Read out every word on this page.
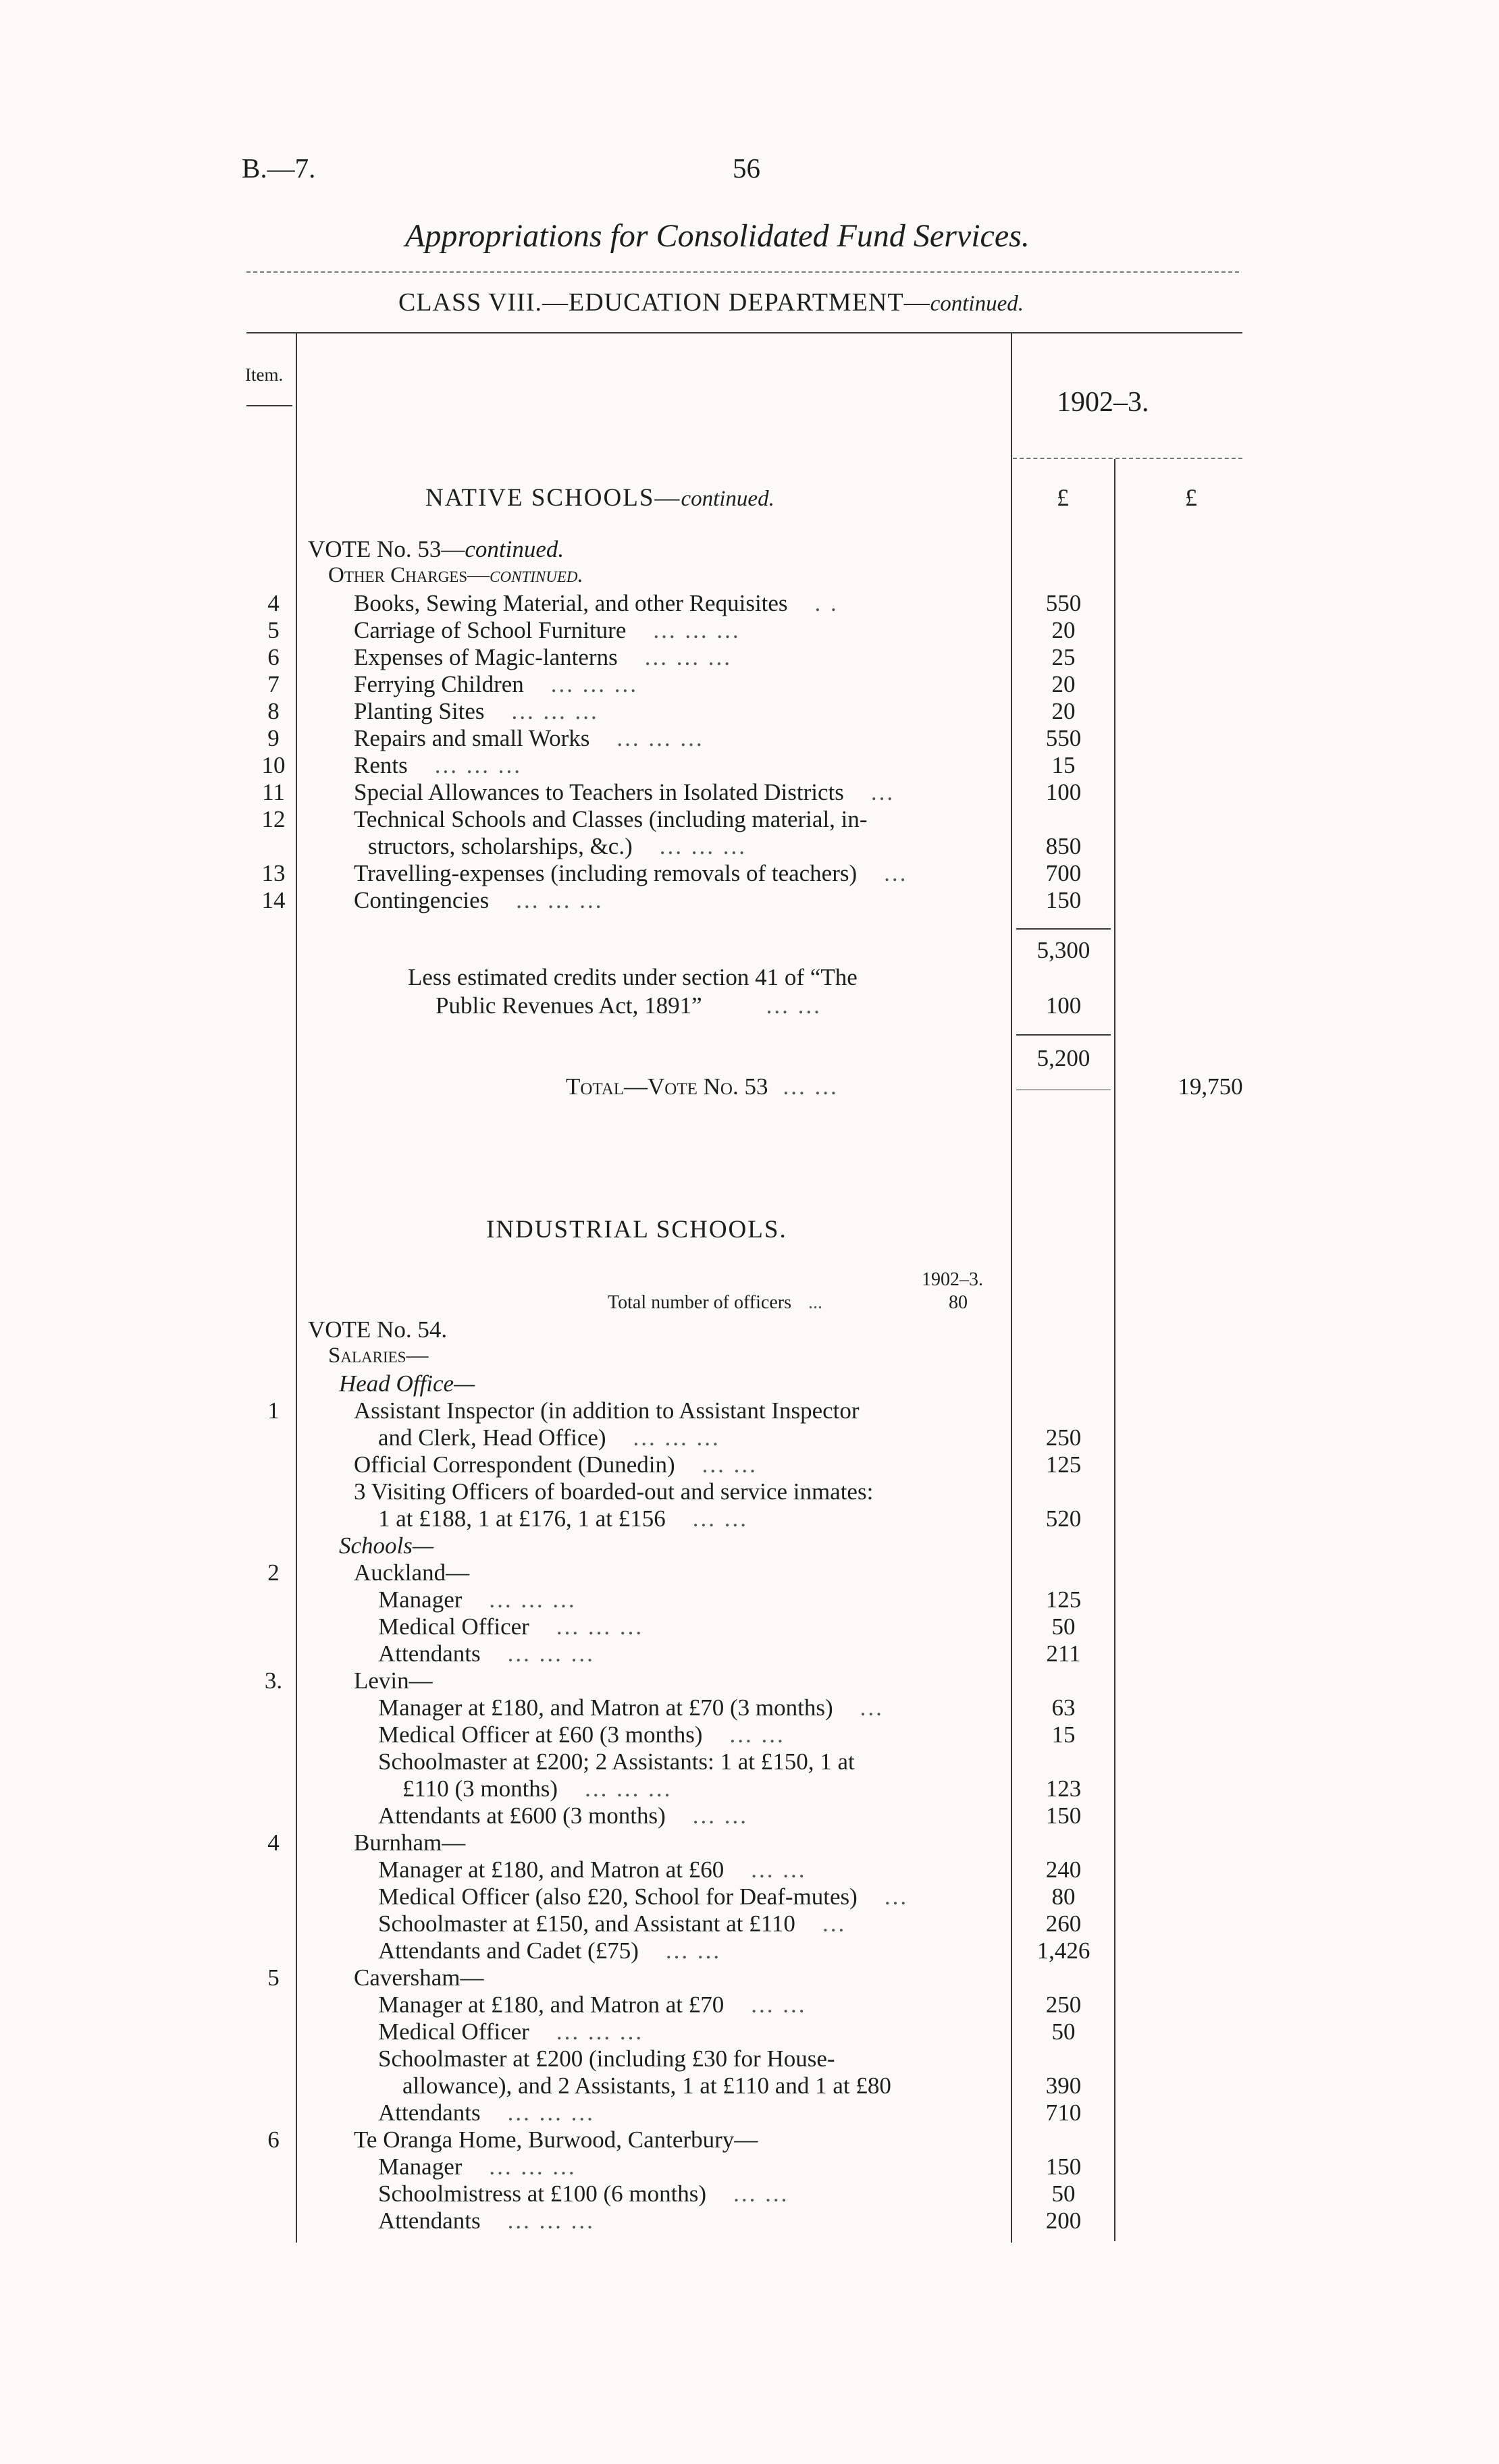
B.—7.	56
Appropriations for Consolidated Fund Services.
CLASS VIII.—EDUCATION DEPARTMENT—continued.
Item.
1902–3.
NATIVE SCHOOLS—continued.	£	£
VOTE No. 53—continued.
Other Charges—continued.
4	Books, Sewing Material, and other Requisites . .	550
5	Carriage of School Furniture ... ... ...	20
6	Expenses of Magic-lanterns ... ... ...	25
7	Ferrying Children ... ... ...	20
8	Planting Sites ... ... ...	20
9	Repairs and small Works ... ... ...	550
10	Rents ... ... ...	15
11	Special Allowances to Teachers in Isolated Districts ...	100
12	Technical Schools and Classes (including material, in-
structors, scholarships, &c.) ... ... ...	850
13	Travelling-expenses (including removals of teachers) ...	700
14	Contingencies ... ... ...	150
5,300
Less estimated credits under section 41 of “The
Public Revenues Act, 1891”	... ...	100
5,200
Total—Vote No. 53 ... ...	19,750
INDUSTRIAL SCHOOLS.
1902–3.
Total number of officers ...	80
VOTE No. 54.
Salaries—
Head Office—
1	Assistant Inspector (in addition to Assistant Inspector
and Clerk, Head Office) ... ... ...	250
Official Correspondent (Dunedin) ... ...	125
3 Visiting Officers of boarded-out and service inmates:
1 at £188, 1 at £176, 1 at £156 ... ...	520
Schools—
2	Auckland—
Manager ... ... ...	125
Medical Officer ... ... ...	50
Attendants ... ... ...	211
3.	Levin—
Manager at £180, and Matron at £70 (3 months) ...	63
Medical Officer at £60 (3 months) ... ...	15
Schoolmaster at £200; 2 Assistants: 1 at £150, 1 at
£110 (3 months) ... ... ...	123
Attendants at £600 (3 months) ... ...	150
4	Burnham—
Manager at £180, and Matron at £60 ... ...	240
Medical Officer (also £20, School for Deaf-mutes) ...	80
Schoolmaster at £150, and Assistant at £110 ...	260
Attendants and Cadet (£75) ... ...	1,426
5	Caversham—
Manager at £180, and Matron at £70 ... ...	250
Medical Officer ... ... ...	50
Schoolmaster at £200 (including £30 for House-
allowance), and 2 Assistants, 1 at £110 and 1 at £80	390
Attendants ... ... ...	710
6	Te Oranga Home, Burwood, Canterbury—
Manager ... ... ...	150
Schoolmistress at £100 (6 months) ... ...	50
Attendants ... ... ...	200
